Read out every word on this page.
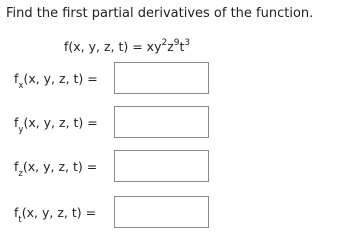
Find the first partial derivatives of the function.
f(x, y, z, $t) = xy^2z^9t^3$
$f_x(x$, y, z, t) =
$f_y(x$, y, z, t) =
$f_z(x$, y, z, t) =
$f_t(x$, y, z, t) =
